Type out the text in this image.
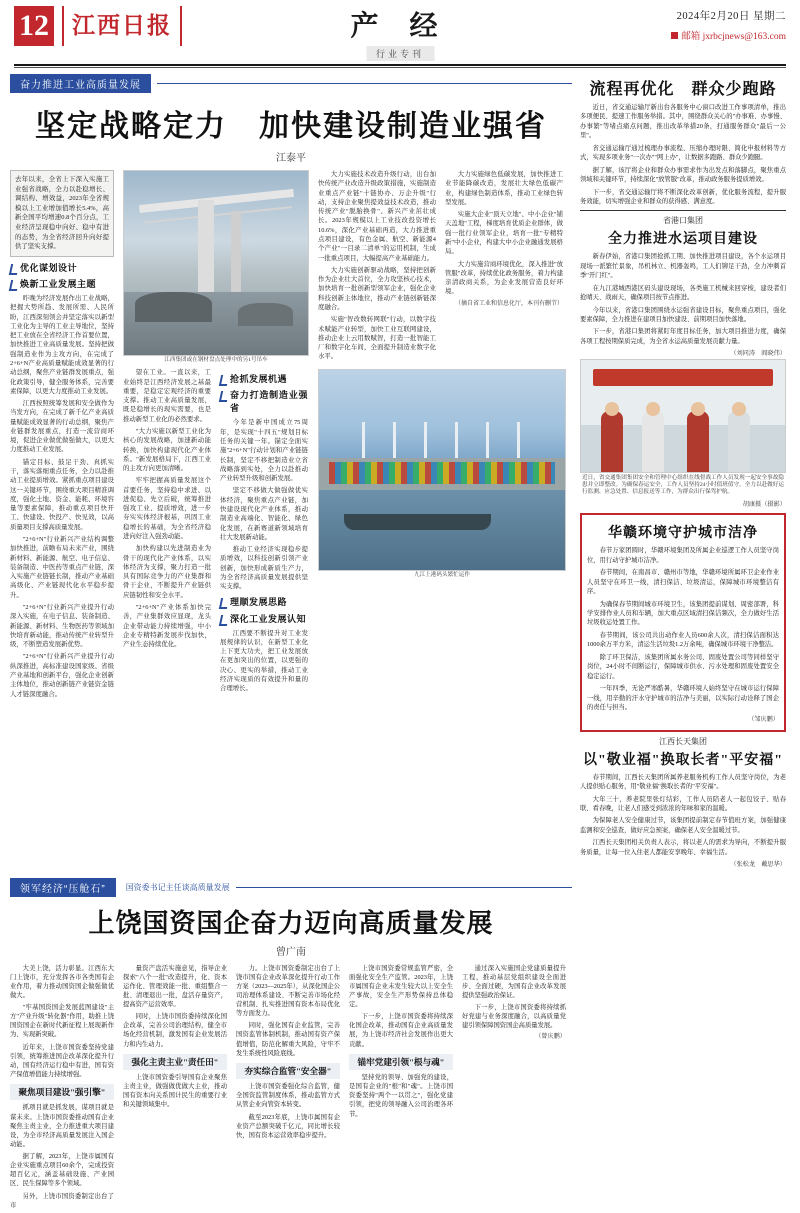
12	江西日报	产 经
行业专刊
2024年2月20日 星期二
邮箱 jxrbcjnews@163.com
奋力推进工业高质量发展
坚定战略定力　加快建设制造业强省
江泰平
去年以来，全省上下深入实施工业强省战略，全力以赴稳增长、调结构、增效益，2023年全省规模以上工业增加值增长5.4%，高新全国平均增速0.8个百分点，工业经济呈现稳中向好、稳中有进的态势，为全省经济回升向好提供了坚实支撑。
优化谋划设计
焕新工业发展主题

昨晚为经济发展作出工业战略，把握大势所趋、发展所需、人民所盼，江西深刻领会并坚定落实以新型工业化为主导的工业主导地位，坚持把工业放在全省经济工作首要位置，加快推进工业高质量发展。坚持把做强制造业作为主攻方向，在完成了2+6+N产业高质量赋能成效显著的行动总纲，聚焦产业链群发展重点，强化政策引导，健全服务体系，完善要素保障，以更大力度推动工业发展。

江西按照统筹发展和安全做作为当发方向，在完成了新千亿产业高质量赋能成效显著的行动总纲，聚焦产业链群发展重点，打造一流营商环境，促进企业做优做强做大，以更大力度推动工业发展。

锚定目标、鼓足干劲、真抓实干，落实落细重点任务，全力以赴推动工业提质增效。紧抓重点项目建设这一关键环节，围绕重大项目精准调度，强化土地、资金、能耗、环境容量等要素保障，推动重点项目快开工、快建设、快投产、快见效，以高质量项目支撑高质量发展。

"2+6+N"行业新兴产业结构调整加快推进，前瞻布局未来产业，围绕新材料、新能源、航空、电子信息、装备制造、中医药等重点产业链，深入实施产业链链长制，推动产业基础高级化、产业链现代化水平稳步提升。

"2+6+N"行业新兴产业提升行动深入实施，在电子信息、装备制造、新能源、新材料、生物医药等领域加快培育新动能，推动传统产业转型升级，不断塑造发展新优势。

"2+6+N"行业新兴产业提升行动纵深推进，高标准建设国家级、省级产业基地和创新平台，强化企业创新主体地位，推动创新链产业链资金链人才链深度融合。

江西集团或在钢材盘点处理中的另1号吊车

望在工业。一直以来，工业始终是江西经济发展之基最重要，是稳定宏观经济的重要支撑。推动工业高质量发展，既是稳增长的现实需要，也是推动新型工业化的必然要求。

"大力实施以新型工业化为核心的发展战略，加速新动能转换，加快构建现代化产业体系。"新发展格局下，江西工业的主攻方向更加清晰。

牢牢把握高质量发展这个首要任务，坚持稳中求进、以进促稳、先立后破，统筹推进强攻工业、提质增效，进一步夯实实体经济根基，巩固工业稳增长的基础，为全省经济稳进向好注入强劲动能。

加快构建以先进制造业为骨干的现代化产业体系，以实体经济为支撑，聚力打造一批具有国际竞争力的产业集群和骨干企业，不断提升产业链供应链韧性和安全水平。

"2+6+N"产业体系加快完善，产业集群效应显现，龙头企业带动能力持续增强，中小企业专精特新发展步伐加快，产业生态持续优化。

抢抓发展机遇
奋力打造制造业强省

今年是新中国成立75周年，是实现"十四五"规划目标任务的关键一年。锚定全面实施"2+6+N"行动计划和产业链链长制，坚定不移把制造业立省战略落到实处，全力以赴推动产业转型升级和创新发展。

坚定不移做大做强做优实体经济，聚焦重点产业链，加快建设现代化产业体系，推动制造业高端化、智能化、绿色化发展，在新赛道新领域培育壮大发展新动能。

推动工业经济实现稳步提质增效，以科技创新引领产业创新，加快形成新质生产力，为全省经济高质量发展提供坚实支撑。

理顺发展思路
深化工业发展认知

江西要不断提升对工业发展规律的认识，在新型工业化上下更大功夫，把工业发展放在更加突出的位置，以更强的决心、更实的举措，推动工业经济实现质的有效提升和量的合理增长。

大力实施技术改造升级行动，出台加快传统产业改造升级政策措施，实施制造业重点产业链"十链协办、万企升级"行动，支持企业聚焦提效益技术改造，推动传统产业"脱胎换骨"、新兴产业茁壮成长。2023年规模以上工业技改投资增长10.6%，深化产业基础再造，大力推进重点项目建设，有色金属、航空、新能源4个产业"一目录二清单"的运用机制，生成一批重点项目，大幅提高产业基础能力。

大力实施创新驱动战略，坚持把创新作为企业壮大首位，全力攻坚核心技术，加快培育一批创新型领军企业，强化企业科技创新主体地位，推动产业链创新链深度融合。

实施"智改数转网联"行动，以数字技术赋能产业转型，加快工业互联网建设，推动企业上云用数赋智，打造一批智能工厂和数字化车间，全面提升制造业数字化水平。

大力实施绿色低碳发展，加快推进工业节能降碳改造，发展壮大绿色低碳产业，构建绿色制造体系，推动工业绿色转型发展。

实施大企业"顶天立地"、中小企业"铺天盖地"工程，梯度培育优质企业群体，做强一批行业领军企业，培育一批"专精特新"中小企业，构建大中小企业融通发展格局。

大力实施营商环境优化，深入推进"放管服"改革，持续优化政务服务，着力构建亲清政商关系，为企业发展营造良好环境。

（摘自省工业和信息化厅，本刊有删节）
九江上港码头繁忙运作
流程再优化　群众少跑路

近日，省交通运输厅新出台各服务中心窗口改进工作事项清单，推出多项便民、提速工作服务举措。其中，围绕群众关心的"办事难、办事慢、办事繁"等堵点痛点问题，推出改革举措20条，打通服务群众"最后一公里"。

省交通运输厅通过梳理办事流程、压缩办理时限、简化申报材料等方式，实现多项业务"一次办""网上办"，让数据多跑路、群众少跑腿。

据了解，该厅将企业和群众办事需求作为出发点和落脚点，聚焦重点领域和关键环节，持续深化"放管服"改革，推动政务服务提质增效。

下一步，省交通运输厅将不断深化改革创新，优化服务流程，提升服务效能，切实增强企业和群众的获得感、满意度。

省港口集团
全力推进水运项目建设

新春伊始，省港口集团抢抓工期、加快推进项目建设，各个水运项目现场一派繁忙景象，吊机林立、机器轰鸣，工人们铆足干劲，全力冲刺首季"开门红"。

在九江港城西港区码头建设现场，各类施工机械来回穿梭，建设者们抢晴天、战雨天，确保项目按节点推进。

今年以来，省港口集团围绕水运强省建设目标，聚焦重点项目，强化要素保障，全力推进在建项目加快建设、前期项目加快落地。

下一步，省港口集团将紧盯年度目标任务，加大项目推进力度，确保各项工程按期保质完成，为全省水运高质量发展贡献力量。

（刘同涛　阎晓伟）
近日，省交通集团集团安全和管理中心组织在线督战工作人员发现一起安全事故隐患并立即整改。为确保春运安全，工作人员坚持24小时值班值守，全力以赴做好运行监测、应急处置、信息报送等工作，为群众出行保驾护航。
胡康摄（摄影）
华赣环境守护城市洁净

春节万家团圆时，华赣环境集团及所属企业巡逻工作人员坚守岗位，用行动守护城市洁净。

春节期间，在南昌市、赣州市等地，华赣环境所属环卫企业作业人员坚守在环卫一线，清扫保洁、垃圾清运，保障城市环境整洁有序。

为确保春节期间城市环境卫生，该集团提前谋划、周密部署，科学安排作业人员和车辆，加大重点区域清扫保洁频次，全力做好生活垃圾收运处置工作。

春节期间，该公司共出动作业人员600余人次，清扫保洁面积达1000余万平方米，清运生活垃圾1.2万余吨，确保城市环境干净整洁。

除了环卫保洁，该集团所属水务公司、固废处置公司等同样坚守岗位，24小时不间断运行，保障城市供水、污水处理和固废处置安全稳定运行。

一年四季，无论严寒酷暑，华赣环境人始终坚守在城市运行保障一线，用辛勤的汗水守护城市的洁净与美丽，以实际行动诠释了国企的责任与担当。

（邹庆鹏）
江西长天集团
以"敬业福"换取长者"平安福"

春节期间，江西长天集团所属养老服务机构工作人员坚守岗位，为老人提供贴心服务，用"敬业福"换取长者的"平安福"。

大年三十，养老院里张灯结彩，工作人员陪老人一起包饺子、贴春联、看春晚，让老人们感受到浓浓的年味和家的温暖。

为保障老人安全健康过节，该集团提前制定春节值班方案，加强健康监测和安全巡查，做好应急预案，确保老人安全温暖过节。

江西长天集团相关负责人表示，将以老人的需求为导向，不断提升服务质量，让每一位入住老人都能安享晚年、幸福生活。

（张松龙　戴思华）
领军经济“压舱石”	国资委书记主任谈高质量发展
上饶国资国企奋力迈向高质量发展
曾广南

大美上饶，活力彰显。江西东大门上饶市，充分发挥各市各类国有企业作用，着力推动国资国企做强做优做大。

"牢基国资国企发展蓝图建设"主方"产业升级"转化器"作用，助推上饶国资国企在新时代新征程上展现新作为、实现新突破。

近年来，上饶市国资委坚持党建引领，统筹推进国企改革深化提升行动，国有经济运行稳中有进，国有资产保值增值能力持续增强。

聚焦项目建设"强引擎"

抓项目就是抓发展，谋项目就是谋未来。上饶市国资委推动国有企业聚焦主责主业，全力推进重大项目建设，为全市经济高质量发展注入国企动能。

据了解，2023年，上饶市属国有企业实施重点项目60余个，完成投资超百亿元，涵盖基础设施、产业园区、民生保障等多个领域。

另外，上饶市国资委制定出台了市

量资产盘活实施意见，指导企业探索"八个一批"改造提升，化、资本运作化、管理效能一批、重组整合一批、清理退出一批，盘活存量资产，提高资产运营效率。

同时，上饶市国资委持续深化国企改革，完善公司治理结构，健全市场化经营机制，激发国有企业发展活力和内生动力。

强化主责主业"责任田"

上饶市国资委引导国有企业聚焦主责主业，做强做优做大主业，推动国有资本向关系国计民生的重要行业和关键领域集中。

力。上饶市国资委制定出台了上饶市国有企业改革深化提升行动工作方案（2023—2025年），从深化国企公司治理体系建设、不断完善市场化经营机制、扎实推进国有资本布局优化等方面发力。

同时，强化国有企业监管，完善国资监管体制机制，推动国有资产保值增值，防范化解重大风险，守牢不发生系统性风险底线。

夯实综合监管"安全器"

上饶市国资委强化综合监管，健全国资监管制度体系，推动监管方式从管企业向管资本转变。

截至2023年底，上饶市属国有企业资产总额突破千亿元，同比增长较快，国有资本运营效率稳步提升。

上饶市国资委常规监管严密，全面强化安全生产监管。2023年，上饶市属国有企业未发生较大以上安全生产事故，安全生产形势保持总体稳定。

下一步，上饶市国资委将持续深化国企改革，推动国有企业高质量发展，为上饶市经济社会发展作出更大贡献。

锚牢党建引领"根与魂"

坚持党的领导、加强党的建设，是国有企业的"根"和"魂"。上饶市国资委坚持"两个一以贯之"，强化党建引领，把党的领导融入公司治理各环节。

通过深入实施国企党建质量提升工程，推动基层党组织建设全面进步、全面过硬，为国有企业改革发展提供坚强政治保证。

下一步，上饶市国资委将持续抓好党建与业务深度融合，以高质量党建引领保障国资国企高质量发展。

（曾庆鹏）
